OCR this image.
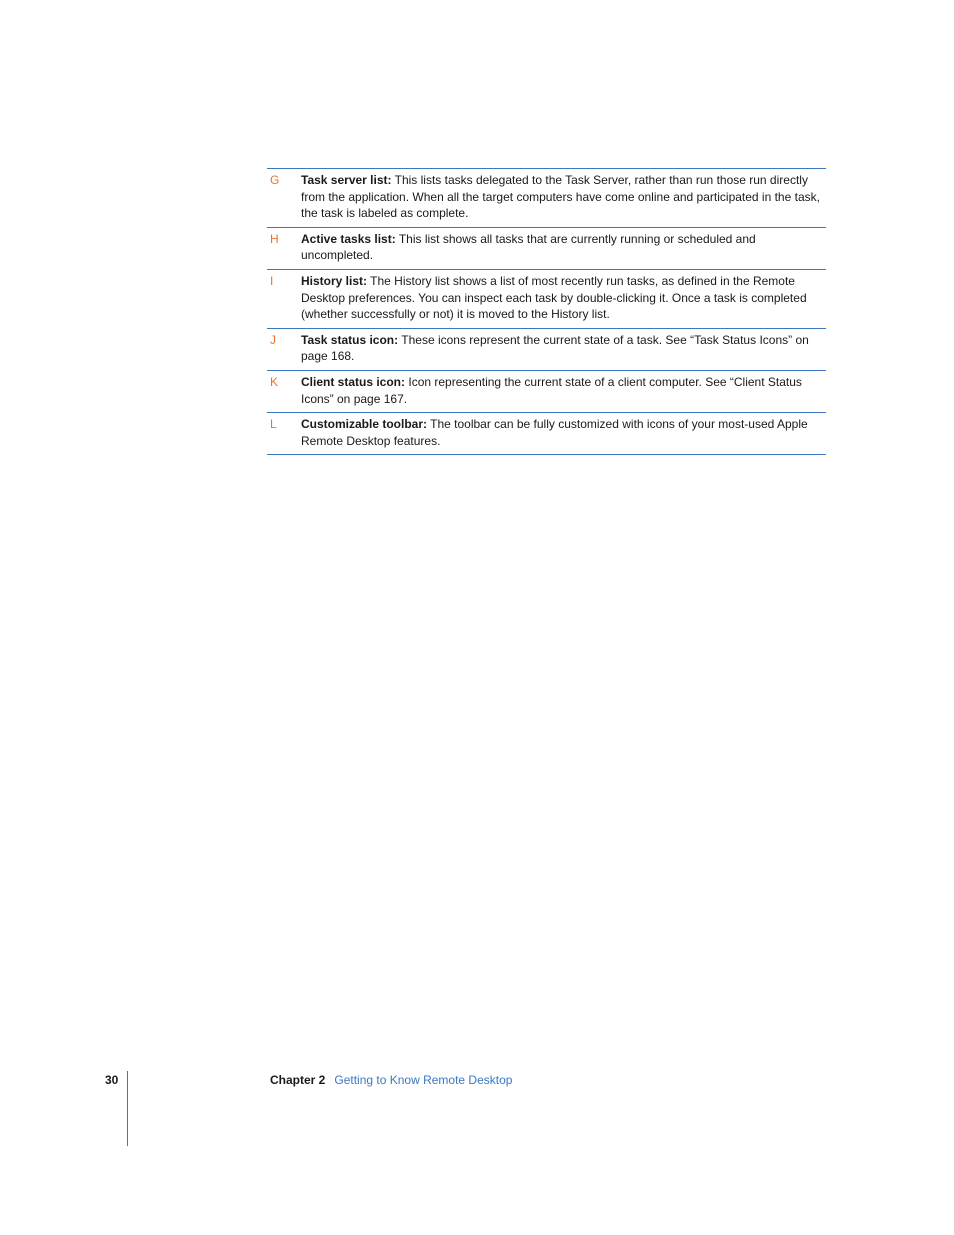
G	Task server list: This lists tasks delegated to the Task Server, rather than run those run directly from the application. When all the target computers have come online and participated in the task, the task is labeled as complete.
H	Active tasks list: This list shows all tasks that are currently running or scheduled and uncompleted.
I	History list: The History list shows a list of most recently run tasks, as defined in the Remote Desktop preferences. You can inspect each task by double-clicking it. Once a task is completed (whether successfully or not) it is moved to the History list.
J	Task status icon: These icons represent the current state of a task. See “Task Status Icons” on page 168.
K	Client status icon: Icon representing the current state of a client computer. See “Client Status Icons” on page 167.
L	Customizable toolbar: The toolbar can be fully customized with icons of your most-used Apple Remote Desktop features.
30	Chapter 2 Getting to Know Remote Desktop
